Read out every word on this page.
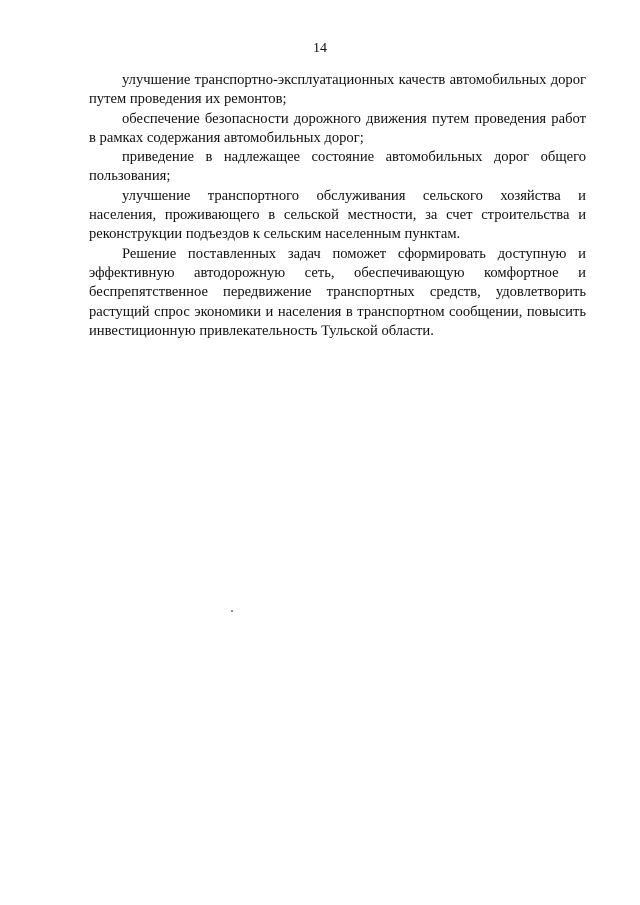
14

улучшение транспортно-эксплуатационных качеств автомобильных дорог путем проведения их ремонтов;

обеспечение безопасности дорожного движения путем проведения работ в рамках содержания автомобильных дорог;

приведение в надлежащее состояние автомобильных дорог общего пользования;

улучшение транспортного обслуживания сельского хозяйства и населения, проживающего в сельской местности, за счет строительства и реконструкции подъездов к сельским населенным пунктам.

Решение поставленных задач поможет сформировать доступную и эффективную автодорожную сеть, обеспечивающую комфортное и беспрепятственное передвижение транспортных средств, удовлетворить растущий спрос экономики и населения в транспортном сообщении, повысить инвестиционную привлекательность Тульской области.
